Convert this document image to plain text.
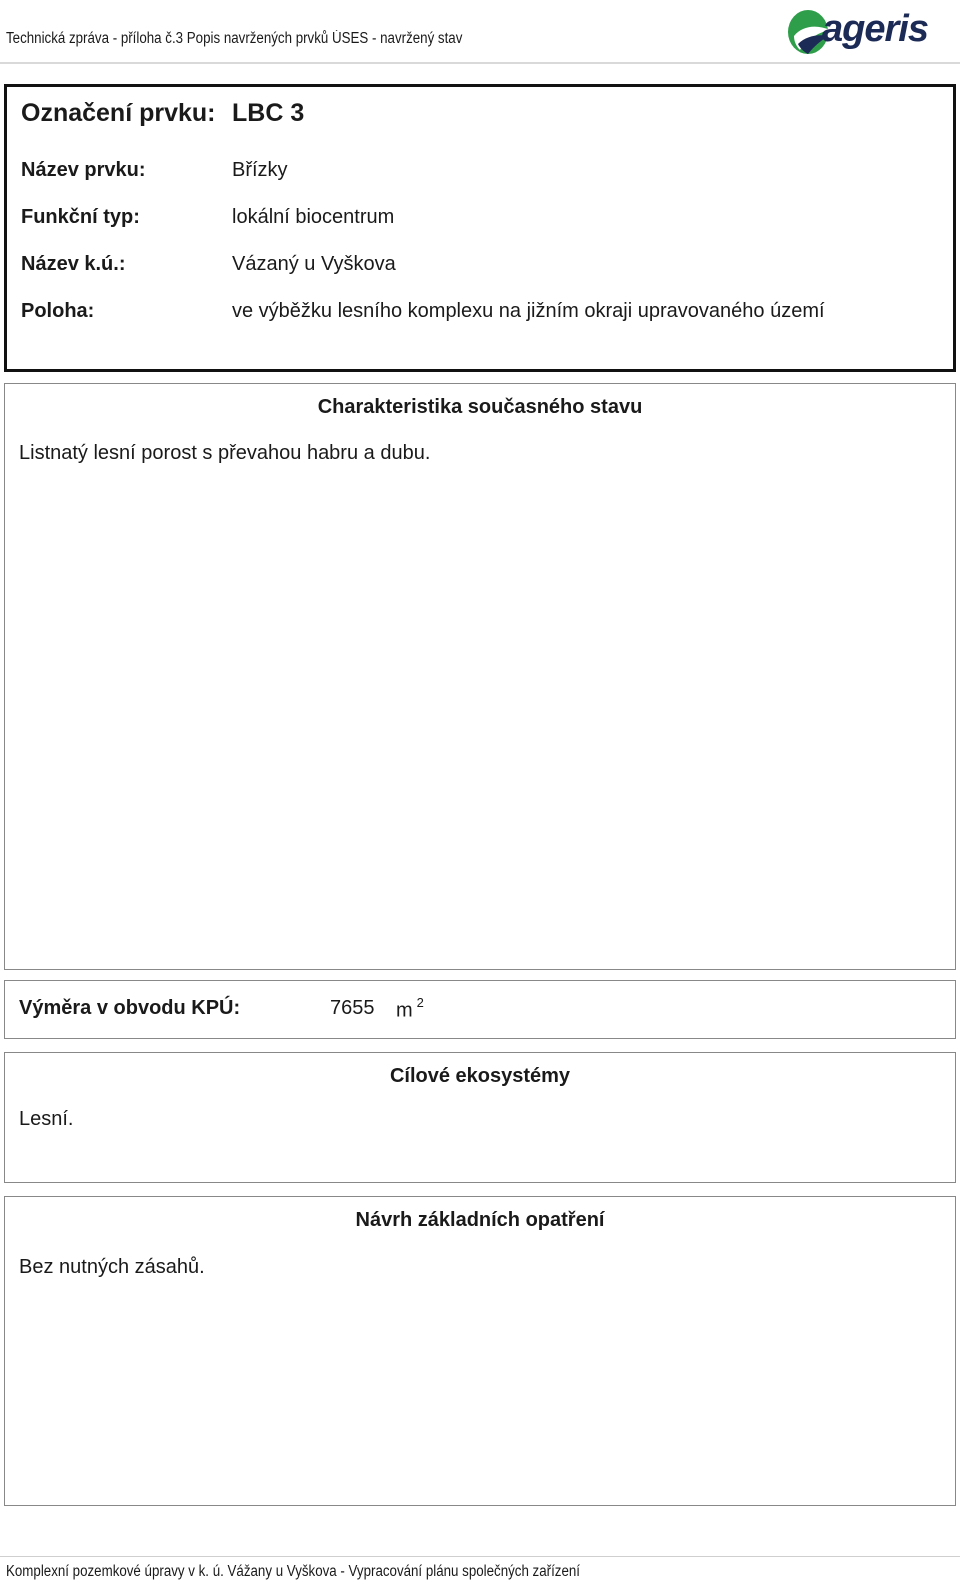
Technická zpráva - příloha č.3 Popis navržených prvků ÚSES - navržený stav	ageris
Označení prvku: LBC 3
Název prvku:	Břízky
Funkční typ:	lokální biocentrum
Název k.ú.:	Vázaný u Vyškova
Poloha:	ve výběžku lesního komplexu na jižním okraji upravovaného území
Charakteristika současného stavu
Listnatý lesní porost s převahou habru a dubu.
Výměra v obvodu KPÚ:	7655 m $^2$
Cílové ekosystémy
Lesní.
Návrh základních opatření
Bez nutných zásahů.
Komplexní pozemkové úpravy v k. ú. Vážany u Vyškova - Vypracování plánu společných zařízení
